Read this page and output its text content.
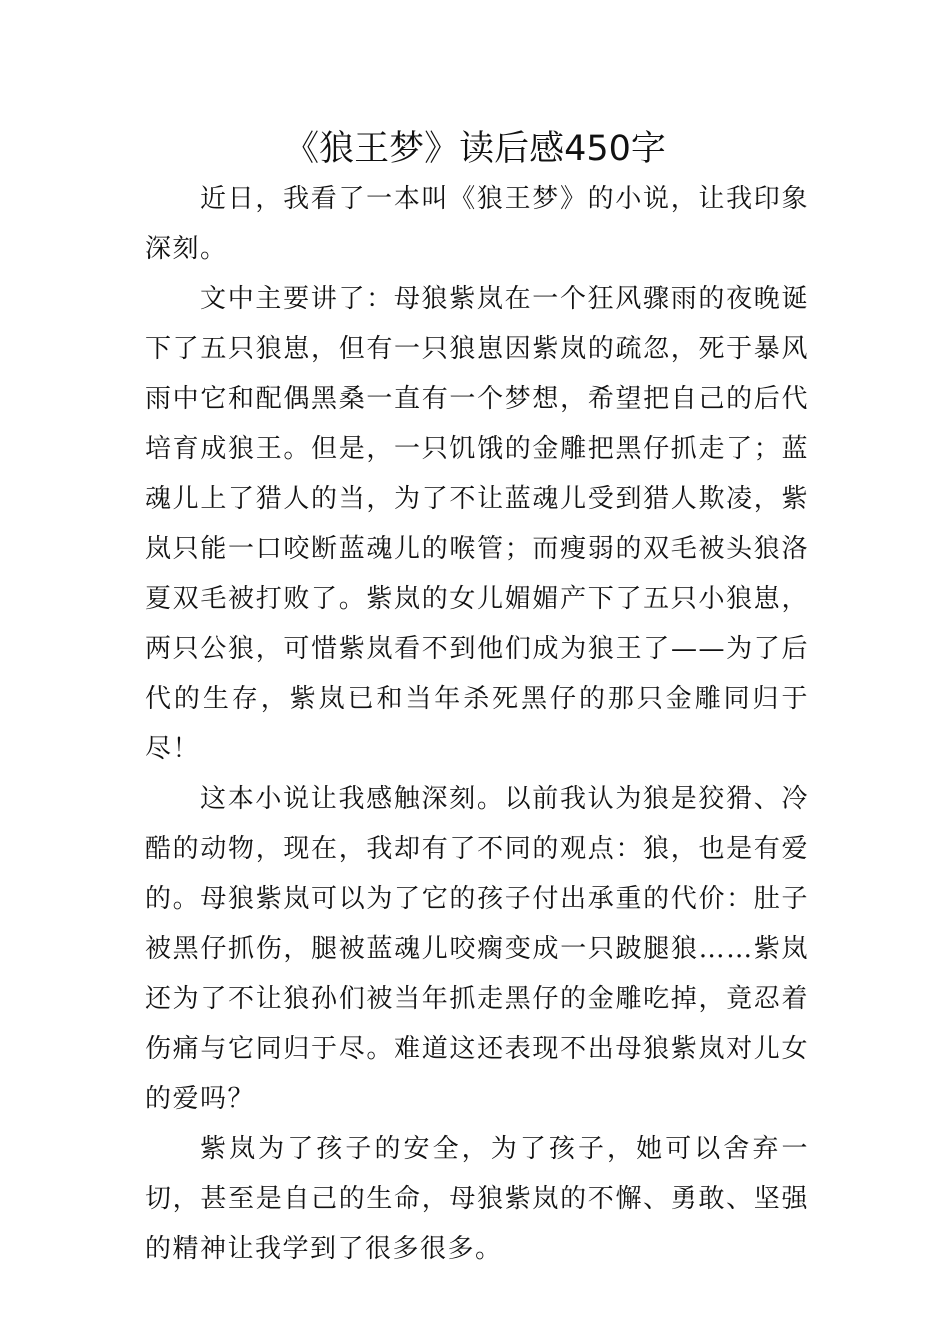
《狼王梦》读后感450字

近日，我看了一本叫《狼王梦》的小说，让我印象深刻。

文中主要讲了：母狼紫岚在一个狂风骤雨的夜晚诞下了五只狼崽，但有一只狼崽因紫岚的疏忽，死于暴风雨中它和配偶黑桑一直有一个梦想，希望把自己的后代培育成狼王。但是，一只饥饿的金雕把黑仔抓走了；蓝魂儿上了猎人的当，为了不让蓝魂儿受到猎人欺凌，紫岚只能一口咬断蓝魂儿的喉管；而瘦弱的双毛被头狼洛夏双毛被打败了。紫岚的女儿媚媚产下了五只小狼崽，两只公狼，可惜紫岚看不到他们成为狼王了——为了后代的生存，紫岚已和当年杀死黑仔的那只金雕同归于尽！

这本小说让我感触深刻。以前我认为狼是狡猾、冷酷的动物，现在，我却有了不同的观点：狼，也是有爱的。母狼紫岚可以为了它的孩子付出承重的代价：肚子被黑仔抓伤，腿被蓝魂儿咬瘸变成一只跛腿狼……紫岚还为了不让狼孙们被当年抓走黑仔的金雕吃掉，竟忍着伤痛与它同归于尽。难道这还表现不出母狼紫岚对儿女的爱吗？

紫岚为了孩子的安全，为了孩子，她可以舍弃一切，甚至是自己的生命，母狼紫岚的不懈、勇敢、坚强的精神让我学到了很多很多。
